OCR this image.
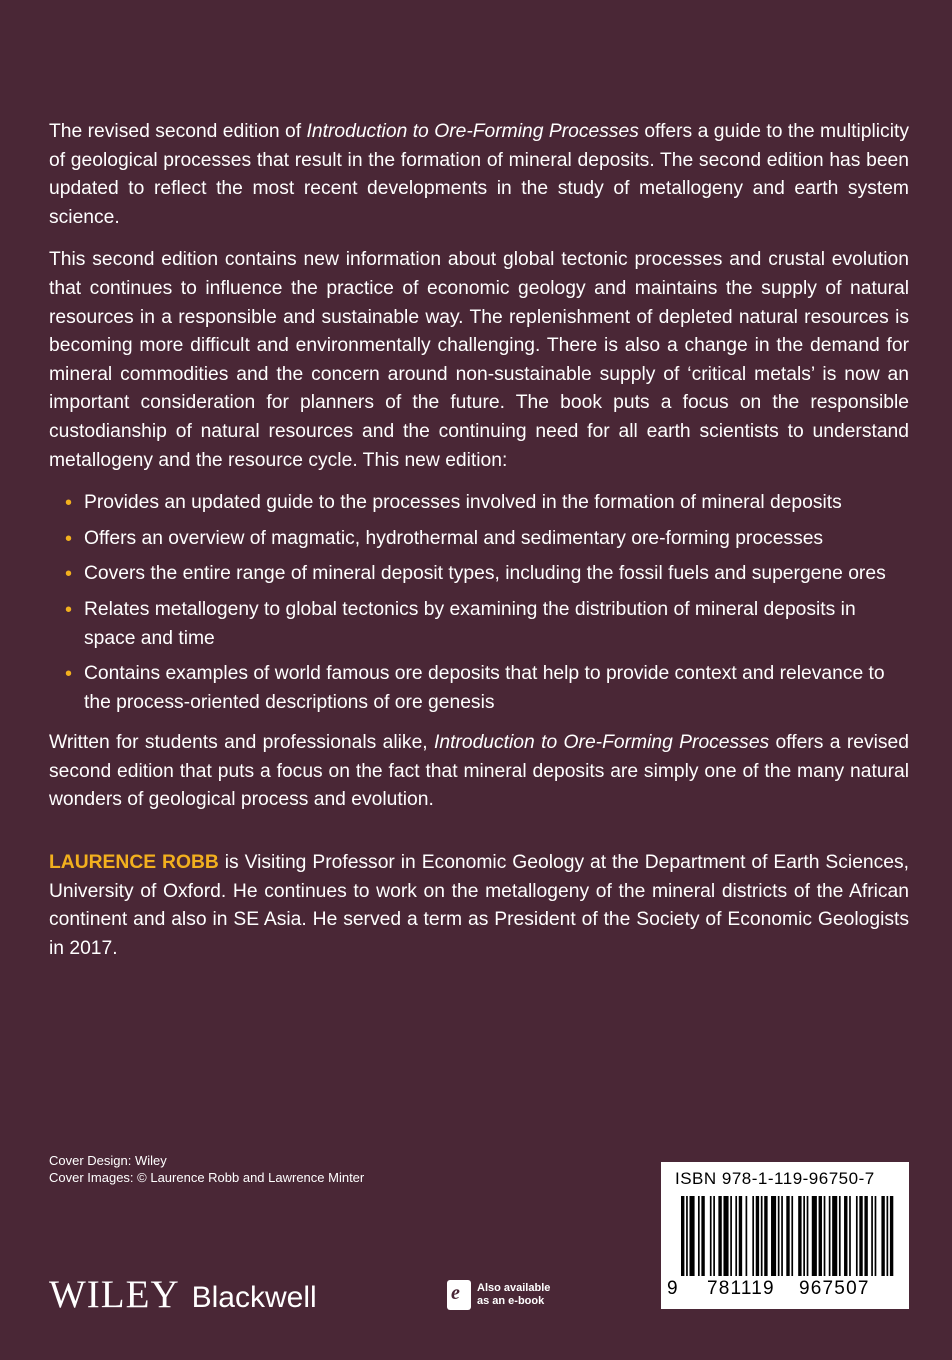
The revised second edition of Introduction to Ore-Forming Processes offers a guide to the multiplicity of geological processes that result in the formation of mineral deposits. The second edition has been updated to reflect the most recent developments in the study of metallogeny and earth system science.

This second edition contains new information about global tectonic processes and crustal evolution that continues to influence the practice of economic geology and maintains the supply of natural resources in a responsible and sustainable way. The replenishment of depleted natural resources is becoming more difficult and environmentally challenging. There is also a change in the demand for mineral commodities and the concern around non-sustainable supply of ‘critical metals’ is now an important consideration for planners of the future. The book puts a focus on the responsible custodianship of natural resources and the continuing need for all earth scientists to understand metallogeny and the resource cycle. This new edition:

• Provides an updated guide to the processes involved in the formation of mineral deposits
• Offers an overview of magmatic, hydrothermal and sedimentary ore-forming processes
• Covers the entire range of mineral deposit types, including the fossil fuels and supergene ores
• Relates metallogeny to global tectonics by examining the distribution of mineral deposits in space and time
• Contains examples of world famous ore deposits that help to provide context and relevance to the process-oriented descriptions of ore genesis

Written for students and professionals alike, Introduction to Ore-Forming Processes offers a revised second edition that puts a focus on the fact that mineral deposits are simply one of the many natural wonders of geological process and evolution.

LAURENCE ROBB is Visiting Professor in Economic Geology at the Department of Earth Sciences, University of Oxford. He continues to work on the metallogeny of the mineral districts of the African continent and also in SE Asia. He served a term as President of the Society of Economic Geologists in 2017.

Cover Design: Wiley
Cover Images: © Laurence Robb and Lawrence Minter
WILEY Blackwell	e Also available
as an e-book
ISBN 978-1-119-96750-7
9 781119 967507
